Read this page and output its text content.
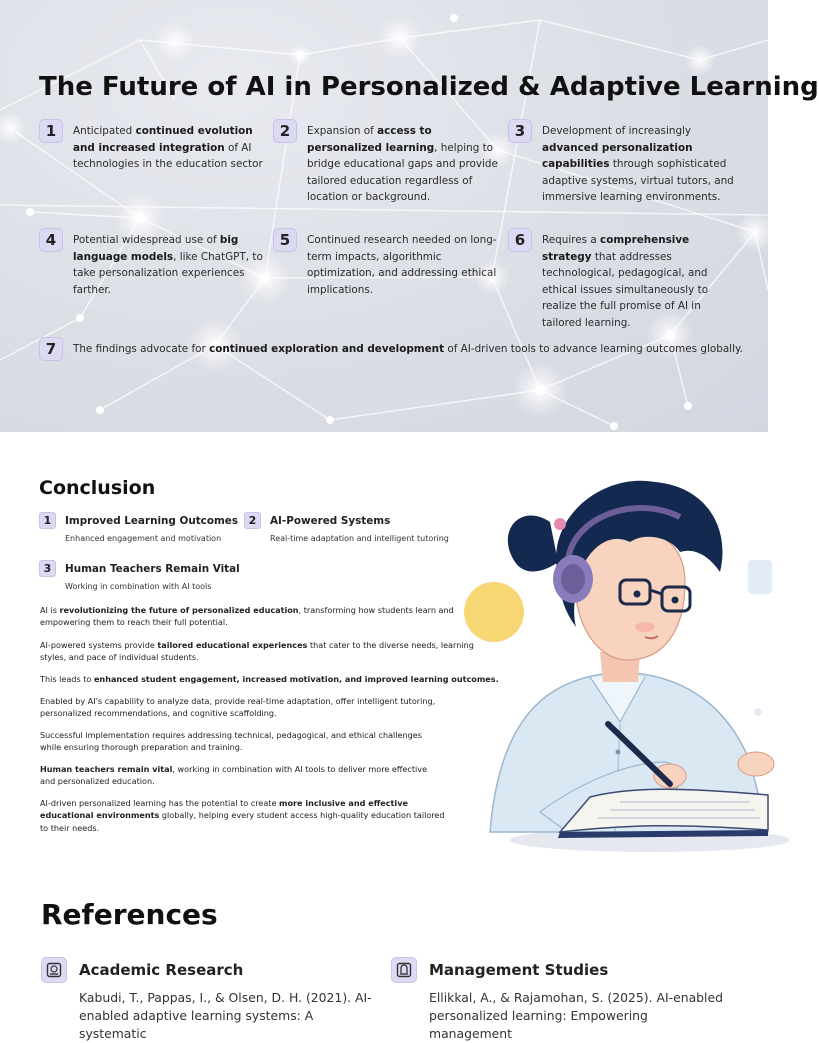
The Future of AI in Personalized & Adaptive Learning
1	Anticipated continued evolution and increased integration of AI technologies in the education sector
2	Expansion of access to personalized learning, helping to bridge educational gaps and provide tailored education regardless of location or background.
3	Development of increasingly advanced personalization capabilities through sophisticated adaptive systems, virtual tutors, and immersive learning environments.
4	Potential widespread use of big language models, like ChatGPT, to take personalization experiences farther.
5	Continued research needed on long-term impacts, algorithmic optimization, and addressing ethical implications.
6	Requires a comprehensive strategy that addresses technological, pedagogical, and ethical issues simultaneously to realize the full promise of AI in tailored learning.
7	The findings advocate for continued exploration and development of AI-driven tools to advance learning outcomes globally.
Conclusion
1	Improved Learning Outcomes
Enhanced engagement and motivation
2	AI-Powered Systems
Real-time adaptation and intelligent tutoring
3	Human Teachers Remain Vital
Working in combination with AI tools

AI is revolutionizing the future of personalized education, transforming how students learn and empowering them to reach their full potential.

AI-powered systems provide tailored educational experiences that cater to the diverse needs, learning styles, and pace of individual students.

This leads to enhanced student engagement, increased motivation, and improved learning outcomes.

Enabled by AI's capability to analyze data, provide real-time adaptation, offer intelligent tutoring, personalized recommendations, and cognitive scaffolding.

Successful implementation requires addressing technical, pedagogical, and ethical challenges while ensuring thorough preparation and training.

Human teachers remain vital, working in combination with AI tools to deliver more effective and personalized education.

AI-driven personalized learning has the potential to create more inclusive and effective educational environments globally, helping every student access high-quality education tailored to their needs.

References
Academic Research
Kabudi, T., Pappas, I., & Olsen, D. H. (2021). AI-enabled adaptive learning systems: A systematic
Management Studies
Ellikkal, A., & Rajamohan, S. (2025). AI-enabled personalized learning: Empowering management
